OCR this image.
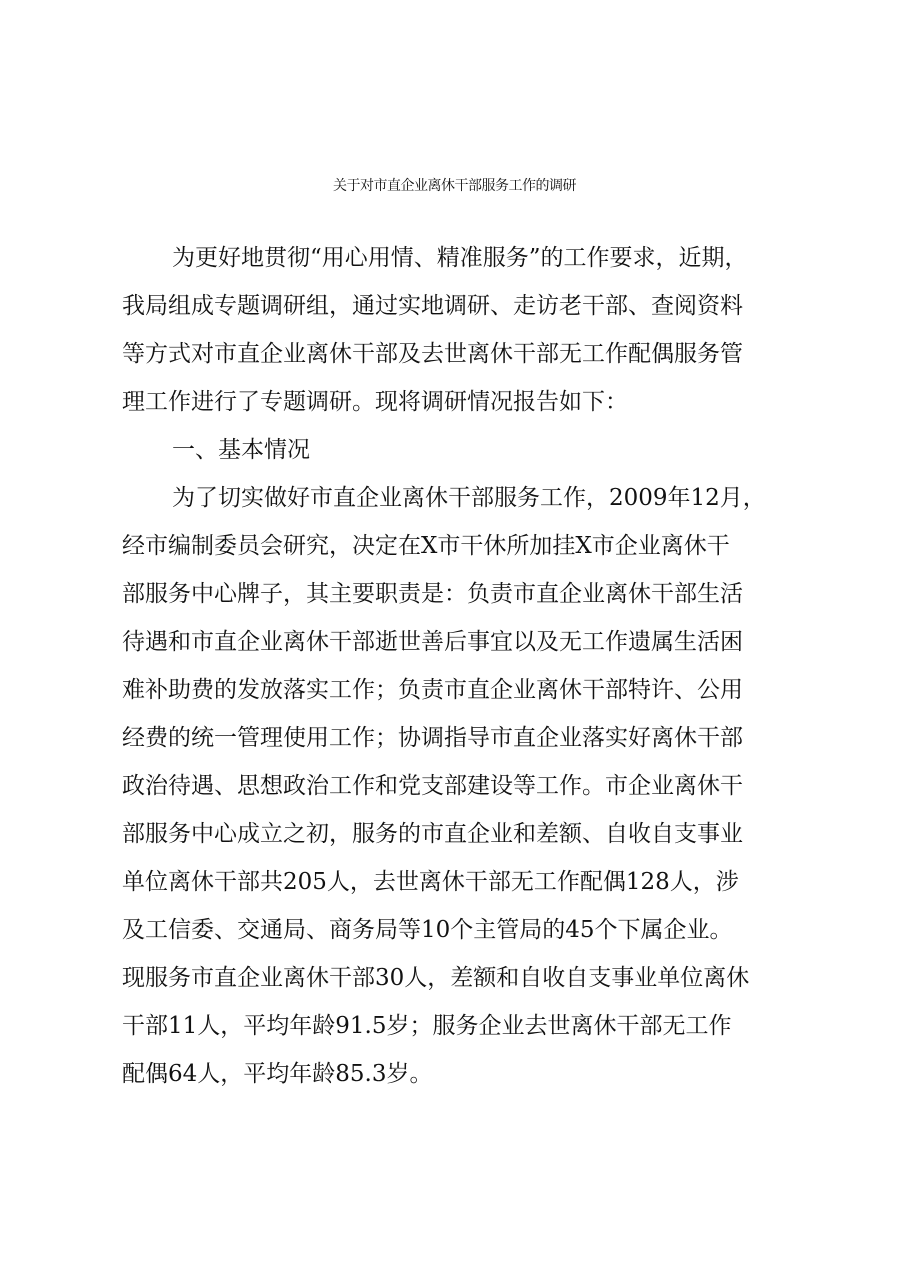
关于对市直企业离休干部服务工作的调研
为更好地贯彻“用心用情、精准服务”的工作要求，近期，
我局组成专题调研组，通过实地调研、走访老干部、查阅资料
等方式对市直企业离休干部及去世离休干部无工作配偶服务管
理工作进行了专题调研。现将调研情况报告如下：
一、基本情况
为了切实做好市直企业离休干部服务工作，2009年12月，
经市编制委员会研究，决定在X市干休所加挂X市企业离休干
部服务中心牌子，其主要职责是：负责市直企业离休干部生活
待遇和市直企业离休干部逝世善后事宜以及无工作遗属生活困
难补助费的发放落实工作；负责市直企业离休干部特许、公用
经费的统一管理使用工作；协调指导市直企业落实好离休干部
政治待遇、思想政治工作和党支部建设等工作。市企业离休干
部服务中心成立之初，服务的市直企业和差额、自收自支事业
单位离休干部共205人，去世离休干部无工作配偶128人，涉
及工信委、交通局、商务局等10个主管局的45个下属企业。
现服务市直企业离休干部30人，差额和自收自支事业单位离休
干部11人，平均年龄91.5岁；服务企业去世离休干部无工作
配偶64人，平均年龄85.3岁。
